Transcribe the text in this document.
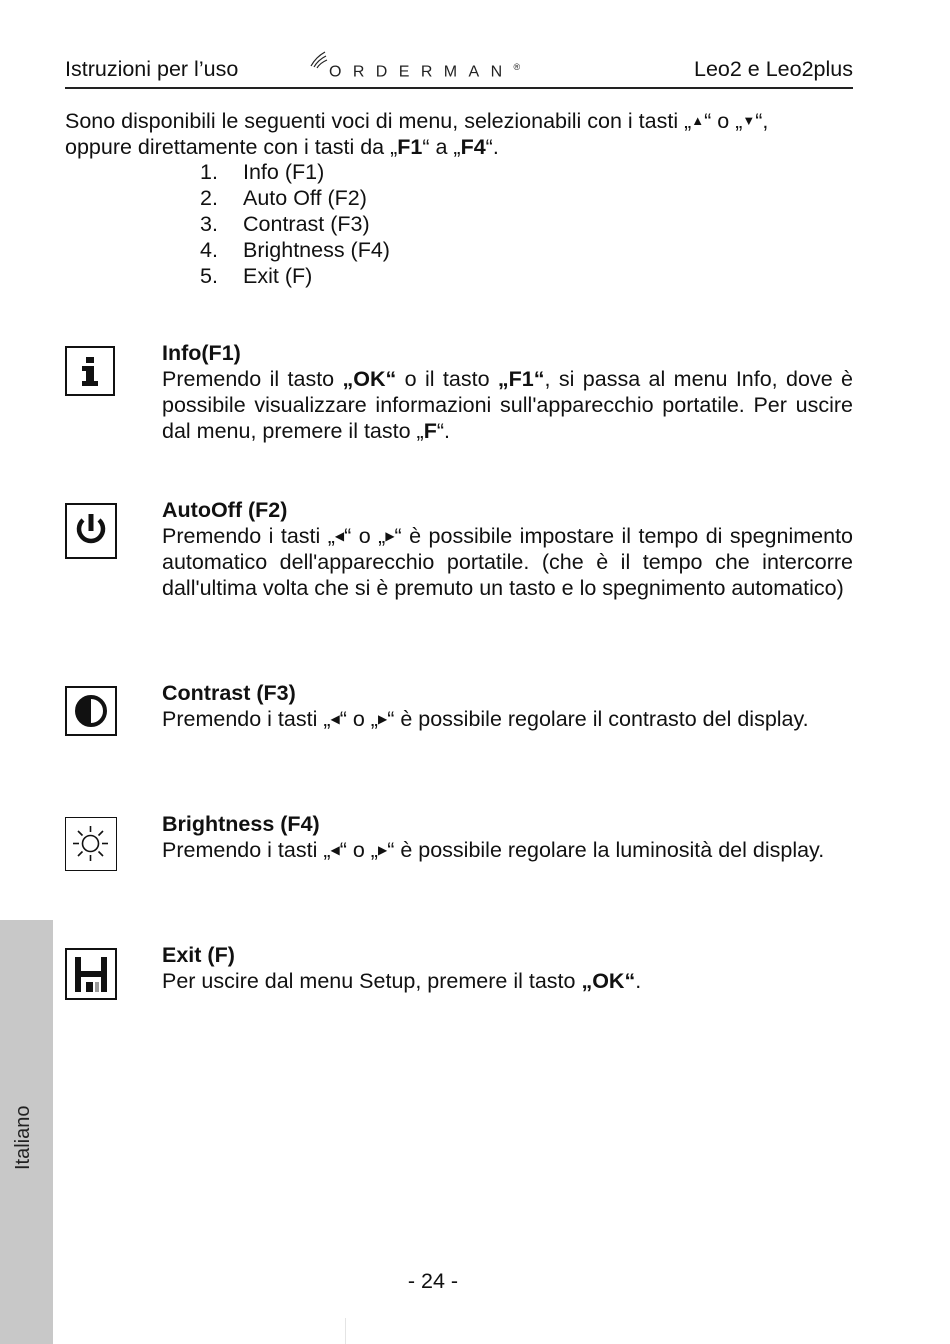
Istruzioni per l’uso	ORDERMAN®	Leo2 e Leo2plus

Sono disponibili le seguenti voci di menu, selezionabili con i tasti „▲“ o „▼“,

oppure direttamente con i tasti da „F1“ a „F4“.

1. Info (F1)
2. Auto Off (F2)
3. Contrast (F3)
4. Brightness (F4)
5. Exit (F)
Info(F1)
Premendo il tasto „OK“ o il tasto „F1“, si passa al menu Info, dove è possibile visualizzare informazioni sull'apparecchio portatile. Per uscire dal menu, premere il tasto „F“.
AutoOff (F2)
Premendo i tasti „◀“ o „▶“ è possibile impostare il tempo di spegnimento automatico dell'apparecchio portatile. (che è il tempo che intercorre dall'ultima volta che si è premuto un tasto e lo spegnimento automatico)
Contrast (F3)
Premendo i tasti „◀“ o „▶“ è possibile regolare il contrasto del display.
Brightness (F4)
Premendo i tasti „◀“ o „▶“ è possibile regolare la luminosità del display.
Exit (F)
Per uscire dal menu Setup, premere il tasto „OK“.
Italiano
- 24 -
